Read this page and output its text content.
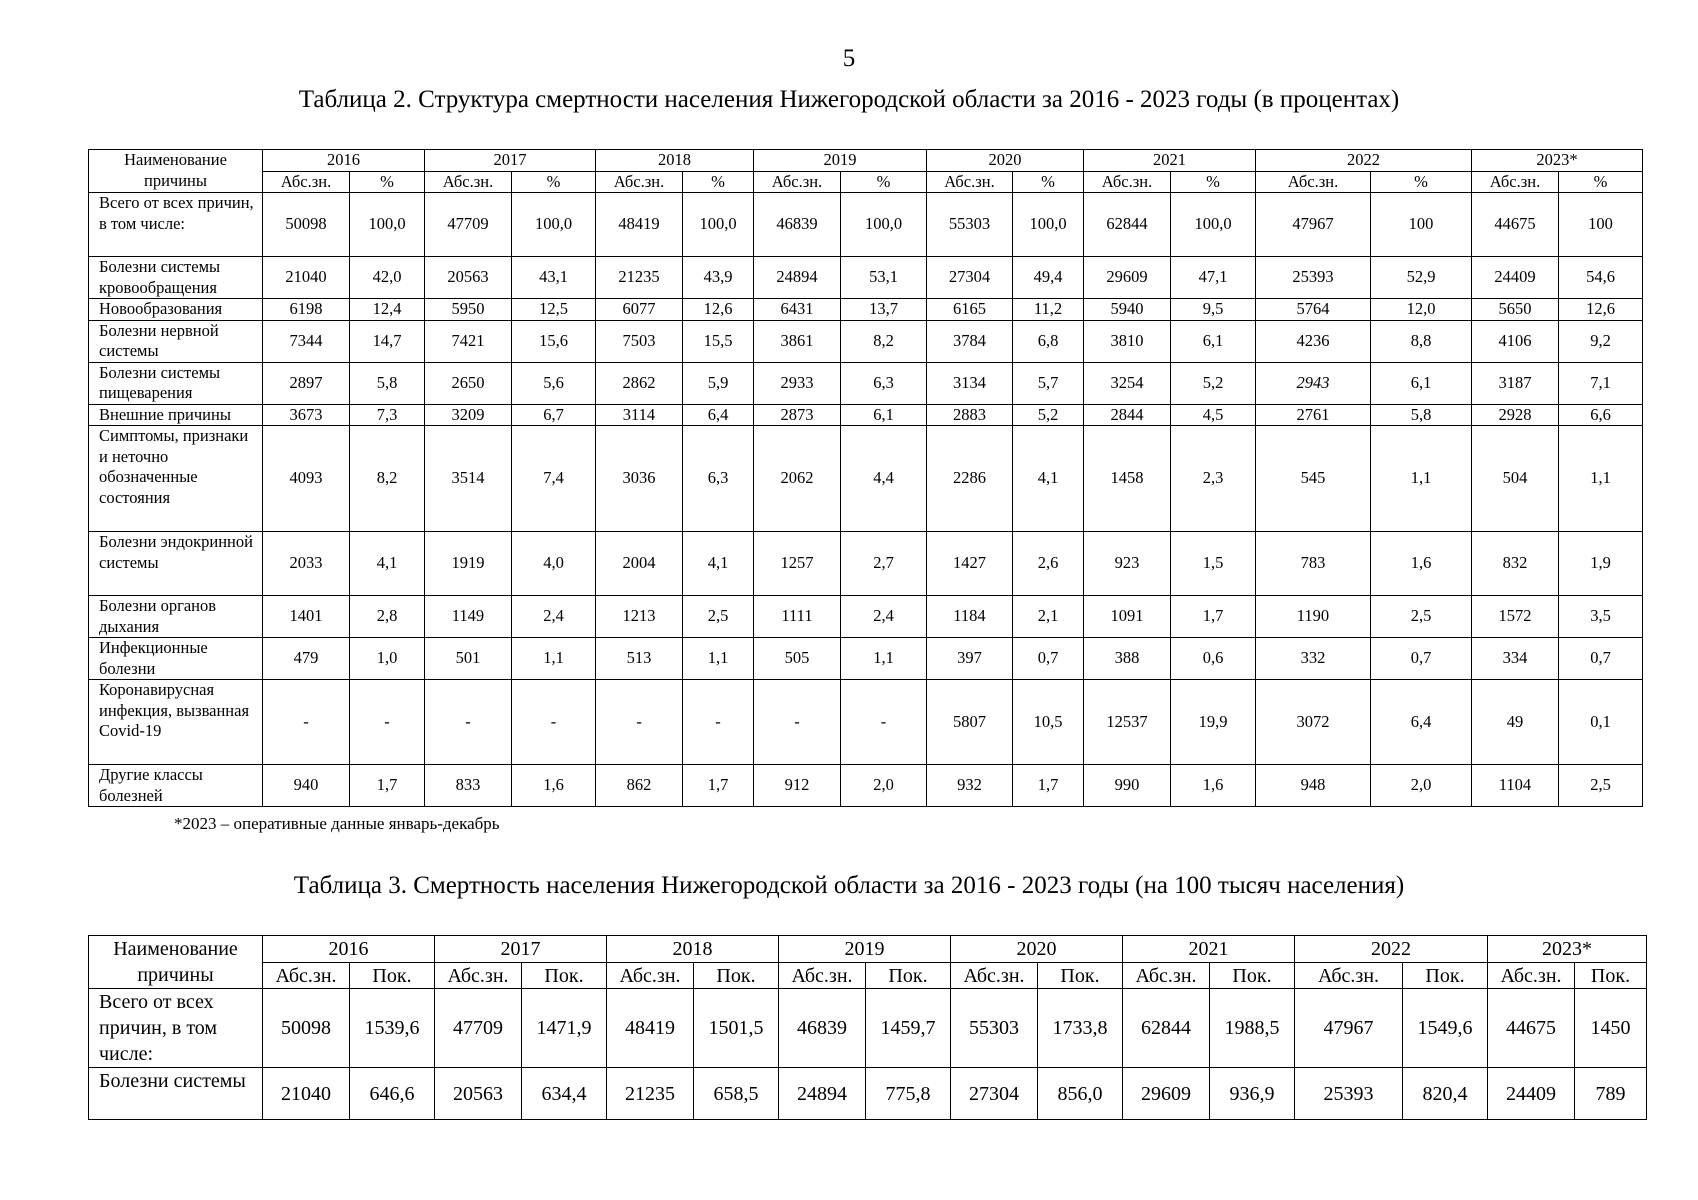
5
Таблица 2. Структура смертности населения Нижегородской области за 2016 - 2023 годы (в процентах)
Наименование	2016		2017		2018		2019		2020		2021		2022		2023*	
причины	Абс.зн.	%	Абс.зн.	%	Абс.зн.	%	Абс.зн.	%	Абс.зн.	%	Абс.зн.	%	Абс.зн.	%	Абс.зн.	%
Всего от всех причин, в том числе:	50098	100,0	47709	100,0	48419	100,0	46839	100,0	55303	100,0	62844	100,0	47967	100	44675	100
Болезни системы кровообращения	21040	42,0	20563	43,1	21235	43,9	24894	53,1	27304	49,4	29609	47,1	25393	52,9	24409	54,6
Новообразования	6198	12,4	5950	12,5	6077	12,6	6431	13,7	6165	11,2	5940	9,5	5764	12,0	5650	12,6
Болезни нервной системы	7344	14,7	7421	15,6	7503	15,5	3861	8,2	3784	6,8	3810	6,1	4236	8,8	4106	9,2
Болезни системы пищеварения	2897	5,8	2650	5,6	2862	5,9	2933	6,3	3134	5,7	3254	5,2	2943	6,1	3187	7,1
Внешние причины	3673	7,3	3209	6,7	3114	6,4	2873	6,1	2883	5,2	2844	4,5	2761	5,8	2928	6,6
Симптомы, признаки и неточно обозначенные состояния	4093	8,2	3514	7,4	3036	6,3	2062	4,4	2286	4,1	1458	2,3	545	1,1	504	1,1
Болезни эндокринной системы	2033	4,1	1919	4,0	2004	4,1	1257	2,7	1427	2,6	923	1,5	783	1,6	832	1,9
Болезни органов дыхания	1401	2,8	1149	2,4	1213	2,5	1111	2,4	1184	2,1	1091	1,7	1190	2,5	1572	3,5
Инфекционные болезни	479	1,0	501	1,1	513	1,1	505	1,1	397	0,7	388	0,6	332	0,7	334	0,7
Коронавирусная инфекция, вызванная Covid-19	-	-	-	-	-	-	-	-	5807	10,5	12537	19,9	3072	6,4	49	0,1
Другие классы болезней	940	1,7	833	1,6	862	1,7	912	2,0	932	1,7	990	1,6	948	2,0	1104	2,5
*2023 – оперативные данные январь-декабрь
Таблица 3. Смертность населения Нижегородской области за 2016 - 2023 годы (на 100 тысяч населения)
Наименование	2016		2017		2018		2019		2020		2021		2022		2023*	
причины	Абс.зн.	Пок.	Абс.зн.	Пок.	Абс.зн.	Пок.	Абс.зн.	Пок.	Абс.зн.	Пок.	Абс.зн.	Пок.	Абс.зн.	Пок.	Абс.зн.	Пок.
Всего от всех причин, в том числе:	50098	1539,6	47709	1471,9	48419	1501,5	46839	1459,7	55303	1733,8	62844	1988,5	47967	1549,6	44675	1450
Болезни системы	21040	646,6	20563	634,4	21235	658,5	24894	775,8	27304	856,0	29609	936,9	25393	820,4	24409	789
